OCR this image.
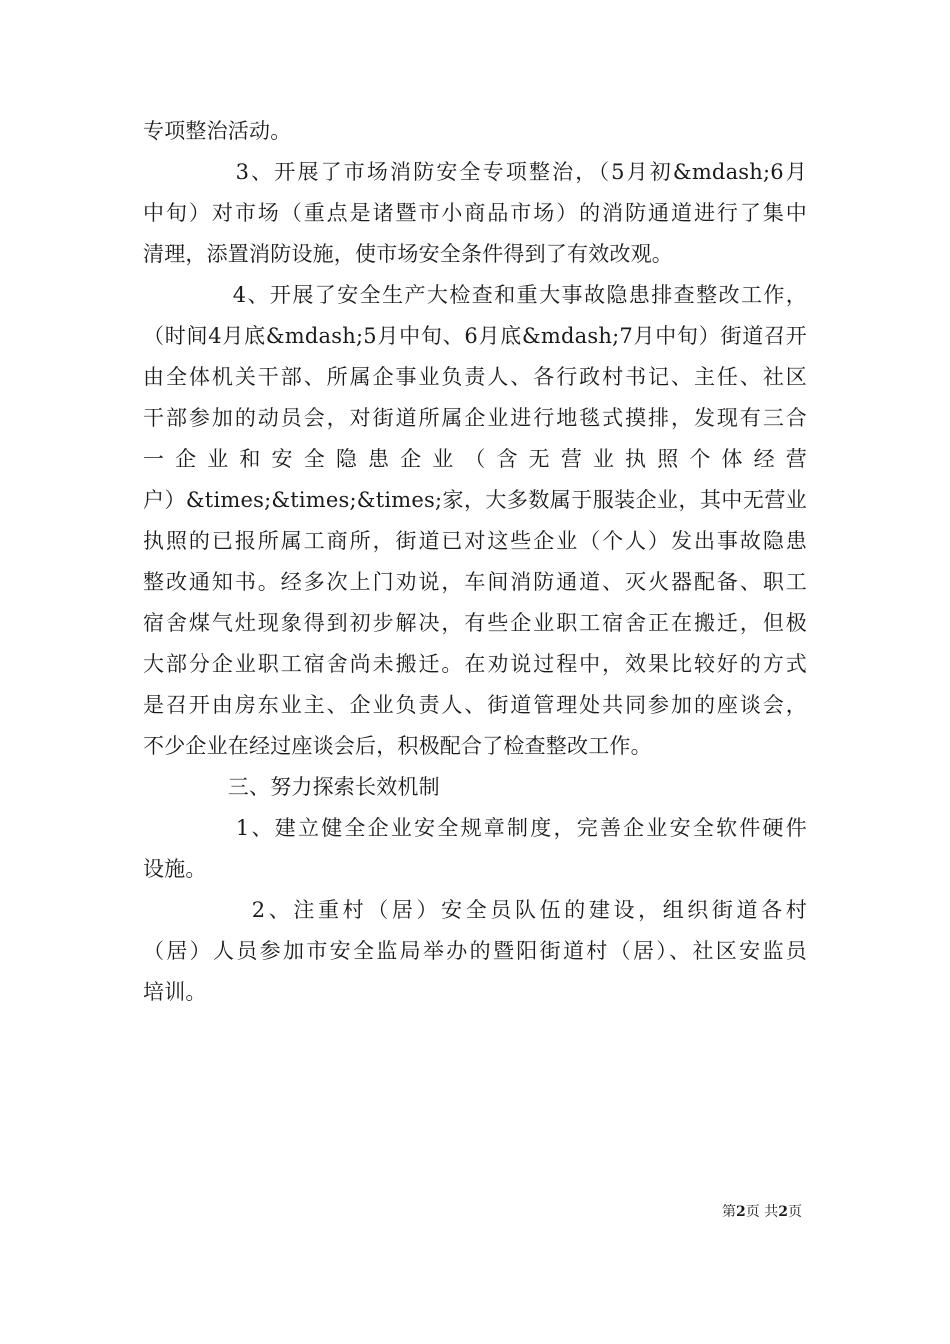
专项整治活动。
　　　　3、开展了市场消防安全专项整治，（5月初&mdash;6月
中旬）对市场（重点是诸暨市小商品市场）的消防通道进行了集中
清理，添置消防设施，使市场安全条件得到了有效改观。
　　　　4、开展了安全生产大检查和重大事故隐患排查整改工作，
（时间4月底&mdash;5月中旬、6月底&mdash;7月中旬）街道召开
由全体机关干部、所属企事业负责人、各行政村书记、主任、社区
干部参加的动员会，对街道所属企业进行地毯式摸排，发现有三合
一企业和安全隐患企业（含无营业执照个体经营
户）&times;&times;&times;家，大多数属于服装企业，其中无营业
执照的已报所属工商所，街道已对这些企业（个人）发出事故隐患
整改通知书。经多次上门劝说，车间消防通道、灭火器配备、职工
宿舍煤气灶现象得到初步解决，有些企业职工宿舍正在搬迁，但极
大部分企业职工宿舍尚未搬迁。在劝说过程中，效果比较好的方式
是召开由房东业主、企业负责人、街道管理处共同参加的座谈会，
不少企业在经过座谈会后，积极配合了检查整改工作。
　　　　三、努力探索长效机制
　　　　1、建立健全企业安全规章制度，完善企业安全软件硬件
设施。
　　　　 2、注重村（居）安全员队伍的建设，组织街道各村
（居）人员参加市安全监局举办的暨阳街道村（居）、社区安监员
培训。
第2页 共2页
